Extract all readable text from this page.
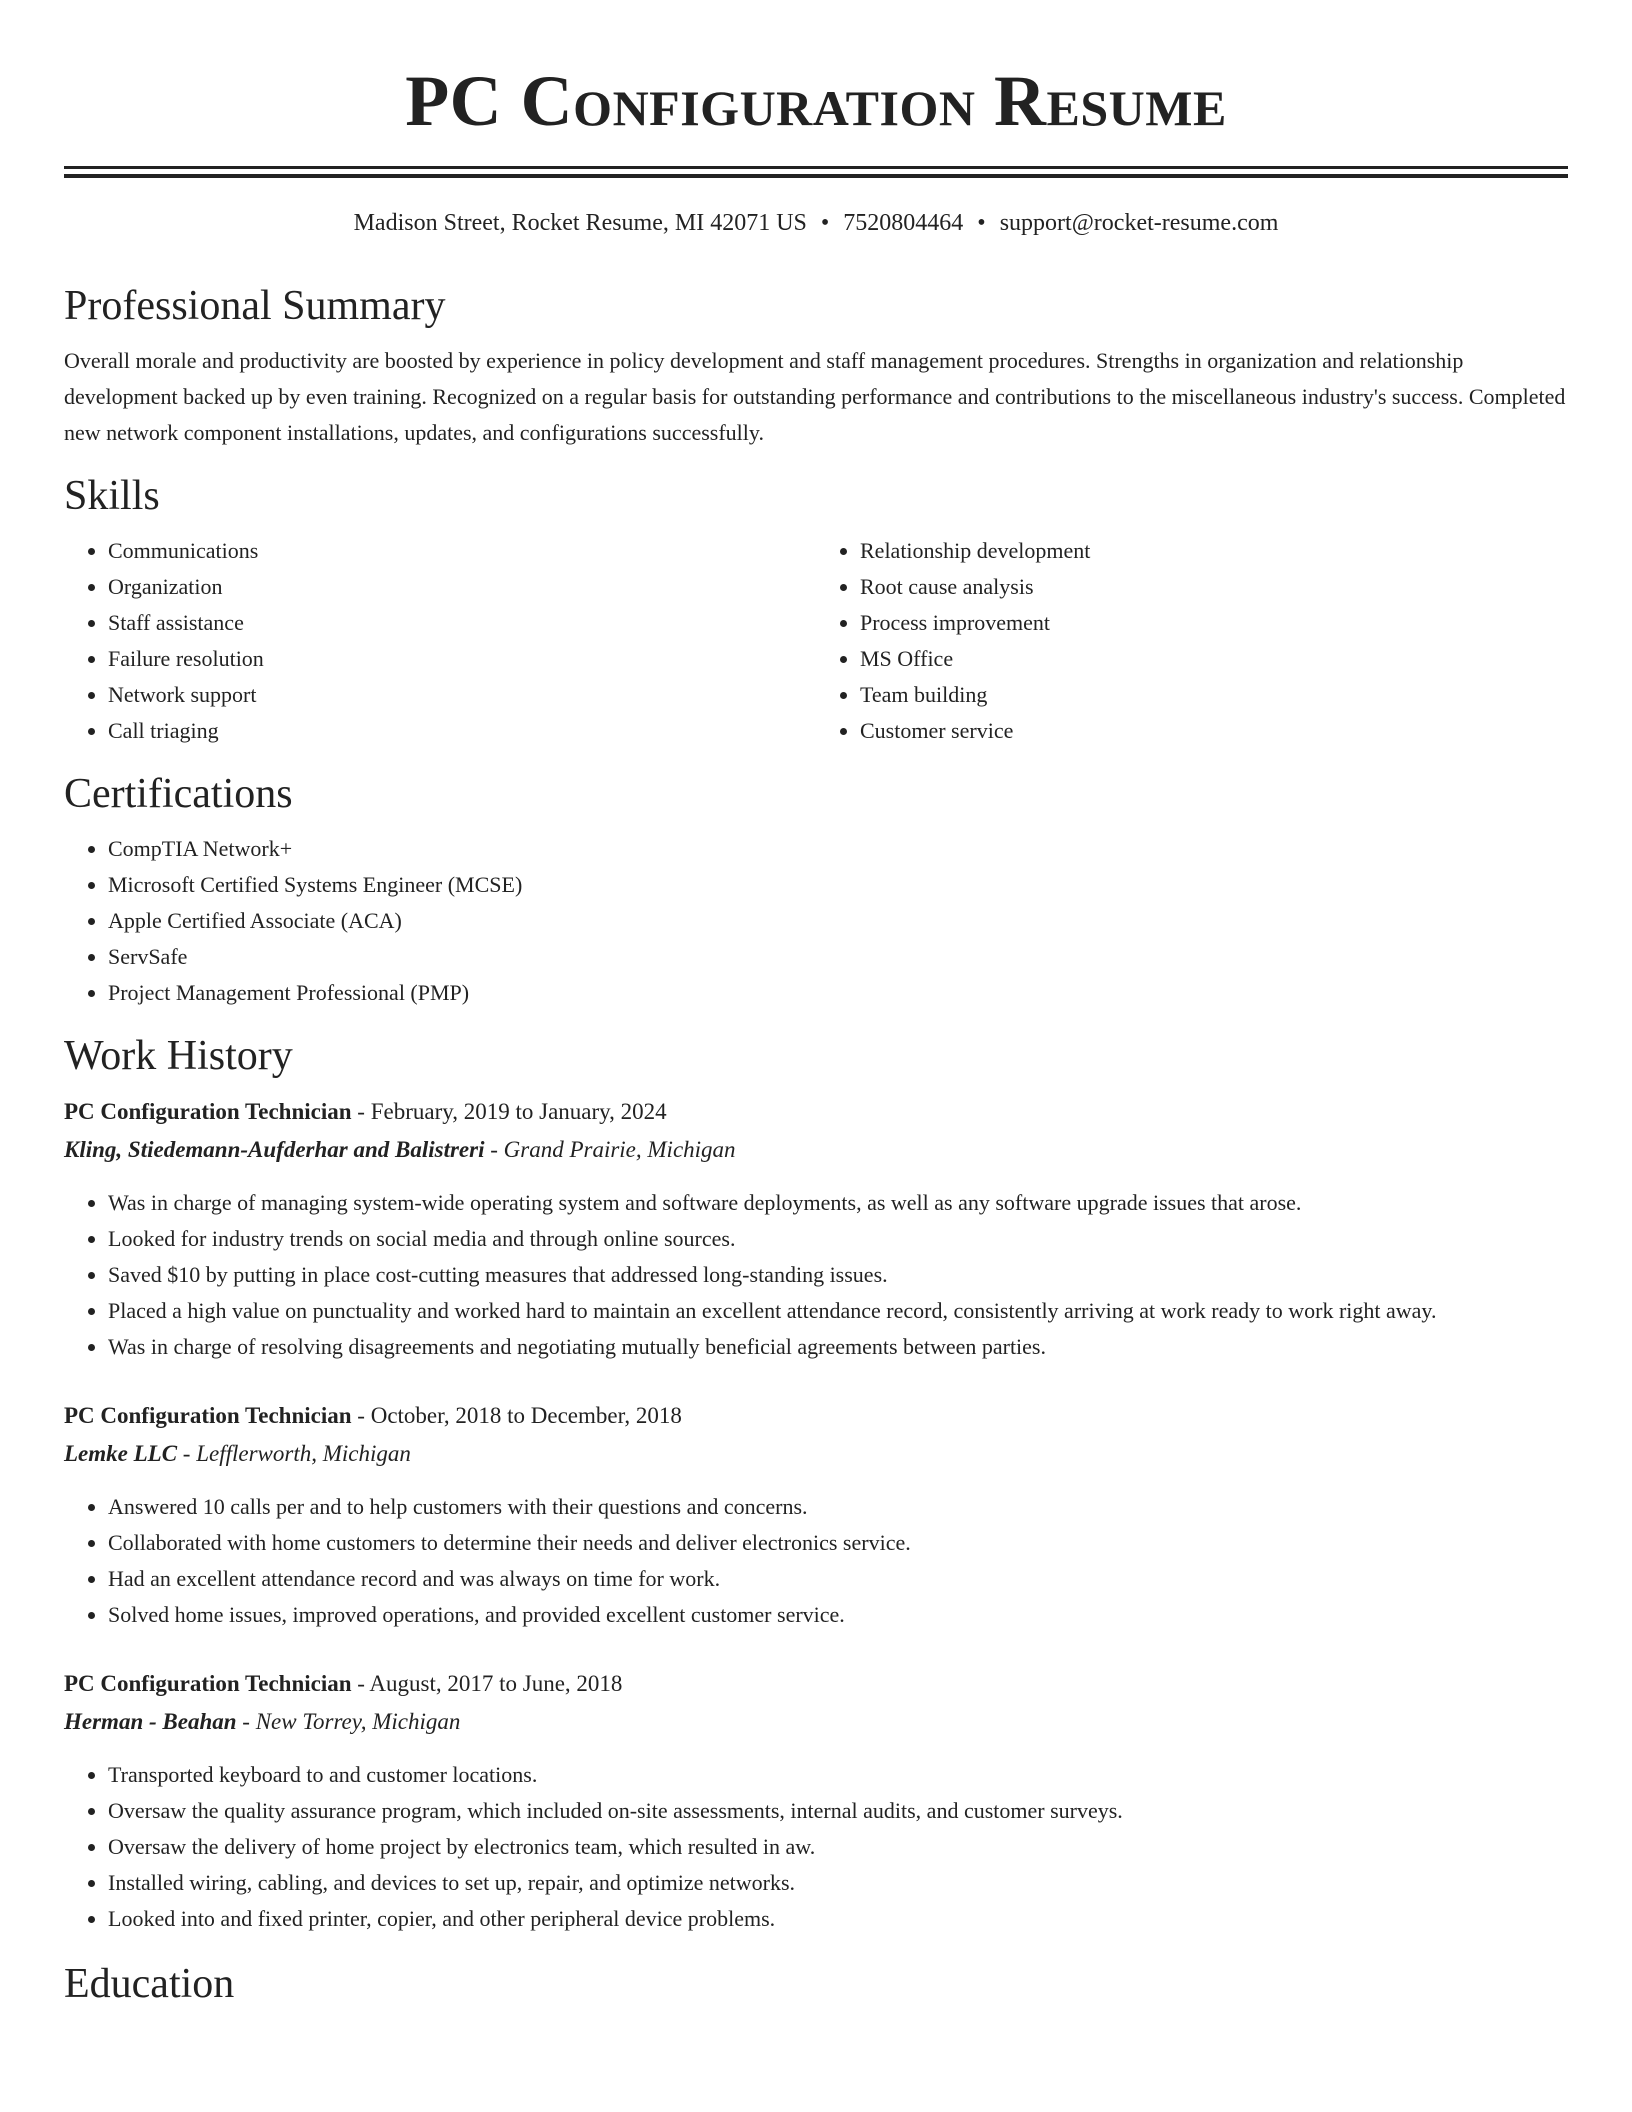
PC Configuration Resume
Madison Street, Rocket Resume, MI 42071 US • 7520804464 • support@rocket-resume.com
Professional Summary

Overall morale and productivity are boosted by experience in policy development and staff management procedures. Strengths in organization and relationship development backed up by even training. Recognized on a regular basis for outstanding performance and contributions to the miscellaneous industry's success. Completed new network component installations, updates, and configurations successfully.

Skills
• Communications
• Organization
• Staff assistance
• Failure resolution
• Network support
• Call triaging
• Relationship development
• Root cause analysis
• Process improvement
• MS Office
• Team building
• Customer service
Certifications
• CompTIA Network+
• Microsoft Certified Systems Engineer (MCSE)
• Apple Certified Associate (ACA)
• ServSafe
• Project Management Professional (PMP)
Work History

PC Configuration Technician - February, 2019 to January, 2024

Kling, Stiedemann-Aufderhar and Balistreri - Grand Prairie, Michigan

• Was in charge of managing system-wide operating system and software deployments, as well as any software upgrade issues that arose.
• Looked for industry trends on social media and through online sources.
• Saved $10 by putting in place cost-cutting measures that addressed long-standing issues.
• Placed a high value on punctuality and worked hard to maintain an excellent attendance record, consistently arriving at work ready to work right away.
• Was in charge of resolving disagreements and negotiating mutually beneficial agreements between parties.

PC Configuration Technician - October, 2018 to December, 2018

Lemke LLC - Lefflerworth, Michigan

• Answered 10 calls per and to help customers with their questions and concerns.
• Collaborated with home customers to determine their needs and deliver electronics service.
• Had an excellent attendance record and was always on time for work.
• Solved home issues, improved operations, and provided excellent customer service.

PC Configuration Technician - August, 2017 to June, 2018

Herman - Beahan - New Torrey, Michigan

• Transported keyboard to and customer locations.
• Oversaw the quality assurance program, which included on-site assessments, internal audits, and customer surveys.
• Oversaw the delivery of home project by electronics team, which resulted in aw.
• Installed wiring, cabling, and devices to set up, repair, and optimize networks.
• Looked into and fixed printer, copier, and other peripheral device problems.
Education
